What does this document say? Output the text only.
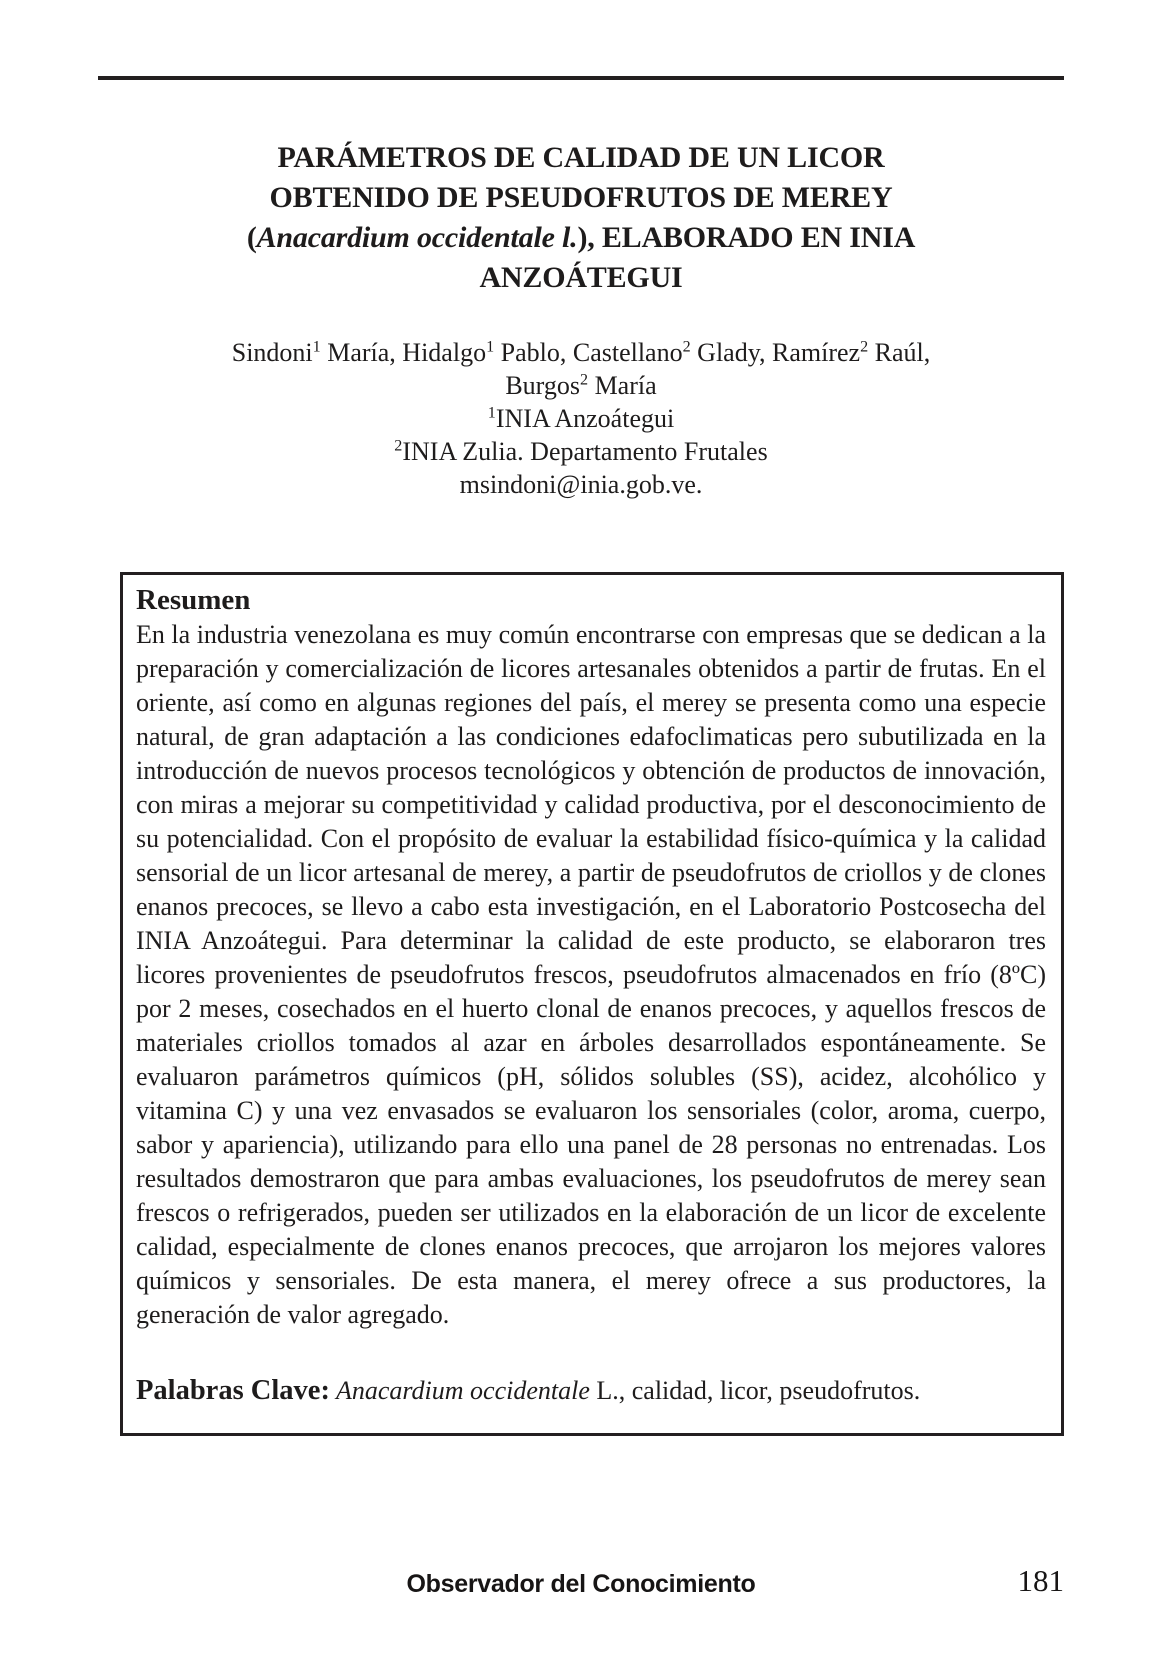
PARÁMETROS DE CALIDAD DE UN LICOR
OBTENIDO DE PSEUDOFRUTOS DE MEREY
(Anacardium occidentale l.), ELABORADO EN INIA
ANZOÁTEGUI
Sindoni$^1$ María, Hidalgo$^1$ Pablo, Castellano$^2$ Glady, Ramírez$^2$ Raúl,
Burgos$^2$ María
$^1$INIA Anzoátegui
$^2$INIA Zulia. Departamento Frutales
msindoni@inia.gob.ve.
Resumen

En la industria venezolana es muy común encontrarse con empresas que se dedican a la preparación y comercialización de licores artesanales obtenidos a partir de frutas. En el oriente, así como en algunas regiones del país, el merey se presenta como una especie natural, de gran adaptación a las condiciones edafoclimaticas pero subutilizada en la introducción de nuevos procesos tecnológicos y obtención de productos de innovación, con miras a mejorar su competitividad y calidad productiva, por el desconocimiento de su potencialidad. Con el propósito de evaluar la estabilidad físico-química y la calidad sensorial de un licor artesanal de merey, a partir de pseudofrutos de criollos y de clones enanos precoces, se llevo a cabo esta investigación, en el Laboratorio Postcosecha del INIA Anzoátegui. Para determinar la calidad de este producto, se elaboraron tres licores provenientes de pseudofrutos frescos, pseudofrutos almacenados en frío (8ºC) por 2 meses, cosechados en el huerto clonal de enanos precoces, y aquellos frescos de materiales criollos tomados al azar en árboles desarrollados espontáneamente. Se evaluaron parámetros químicos (pH, sólidos solubles (SS), acidez, alcohólico y vitamina C) y una vez envasados se evaluaron los sensoriales (color, aroma, cuerpo, sabor y apariencia), utilizando para ello una panel de 28 personas no entrenadas. Los resultados demostraron que para ambas evaluaciones, los pseudofrutos de merey sean frescos o refrigerados, pueden ser utilizados en la elaboración de un licor de excelente calidad, especialmente de clones enanos precoces, que arrojaron los mejores valores químicos y sensoriales. De esta manera, el merey ofrece a sus productores, la generación de valor agregado.

Palabras Clave: Anacardium occidentale L., calidad, licor, pseudofrutos.
Observador del Conocimiento	181
